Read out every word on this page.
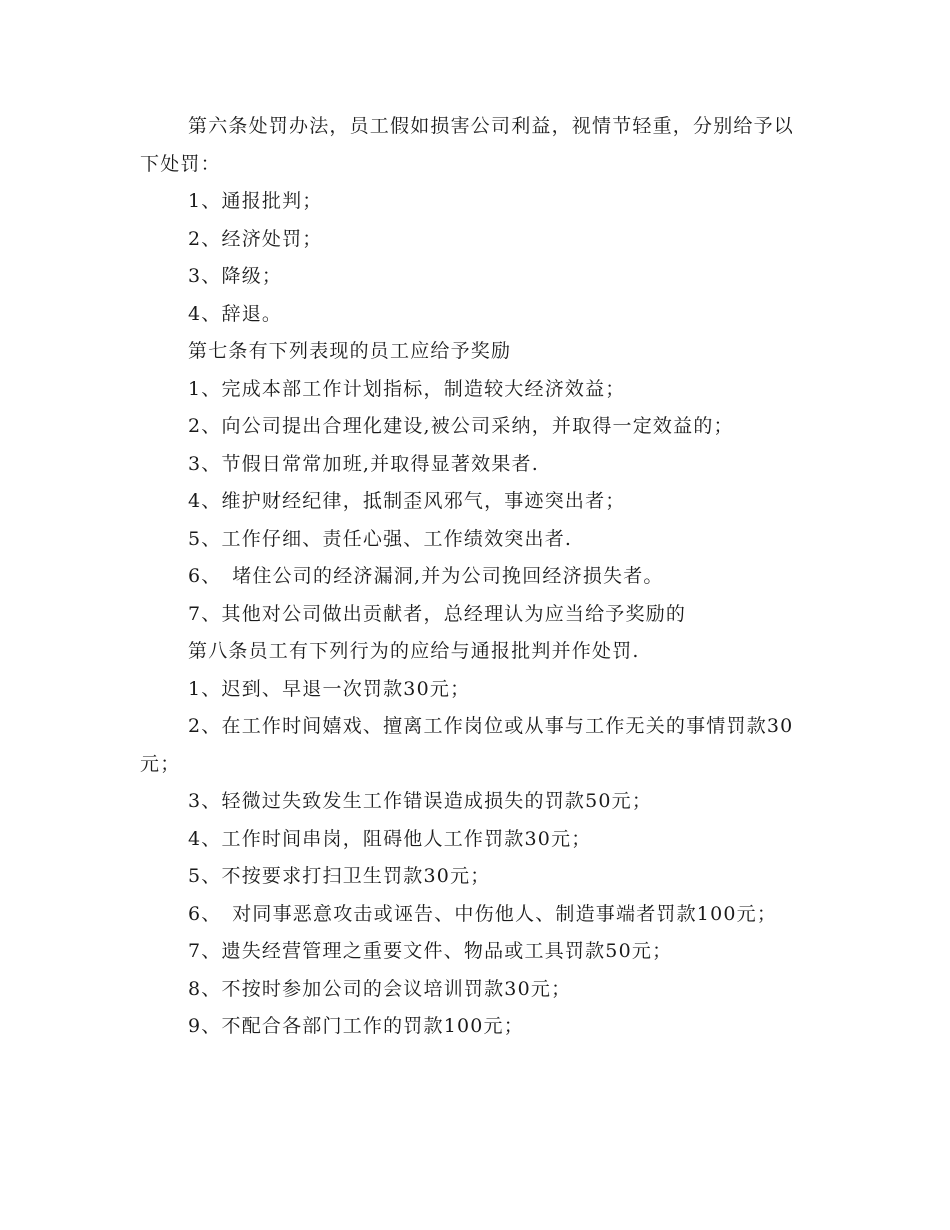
第六条处罚办法，员工假如损害公司利益，视情节轻重，分别给予以下处罚：

1、通报批判；

2、经济处罚；

3、降级；

4、辞退。

第七条有下列表现的员工应给予奖励

1、完成本部工作计划指标，制造较大经济效益；

2、向公司提出合理化建设,被公司采纳，并取得一定效益的；

3、节假日常常加班,并取得显著效果者.

4、维护财经纪律，抵制歪风邪气，事迹突出者；

5、工作仔细、责任心强、工作绩效突出者.

6、　堵住公司的经济漏洞,并为公司挽回经济损失者。

7、其他对公司做出贡献者，总经理认为应当给予奖励的

第八条员工有下列行为的应给与通报批判并作处罚.

1、迟到、早退一次罚款30元；

2、在工作时间嬉戏、擅离工作岗位或从事与工作无关的事情罚款30元；

3、轻微过失致发生工作错误造成损失的罚款50元；

4、工作时间串岗，阻碍他人工作罚款30元；

5、不按要求打扫卫生罚款30元；

6、　对同事恶意攻击或诬告、中伤他人、制造事端者罚款100元；

7、遗失经营管理之重要文件、物品或工具罚款50元；

8、不按时参加公司的会议培训罚款30元；

9、不配合各部门工作的罚款100元；
